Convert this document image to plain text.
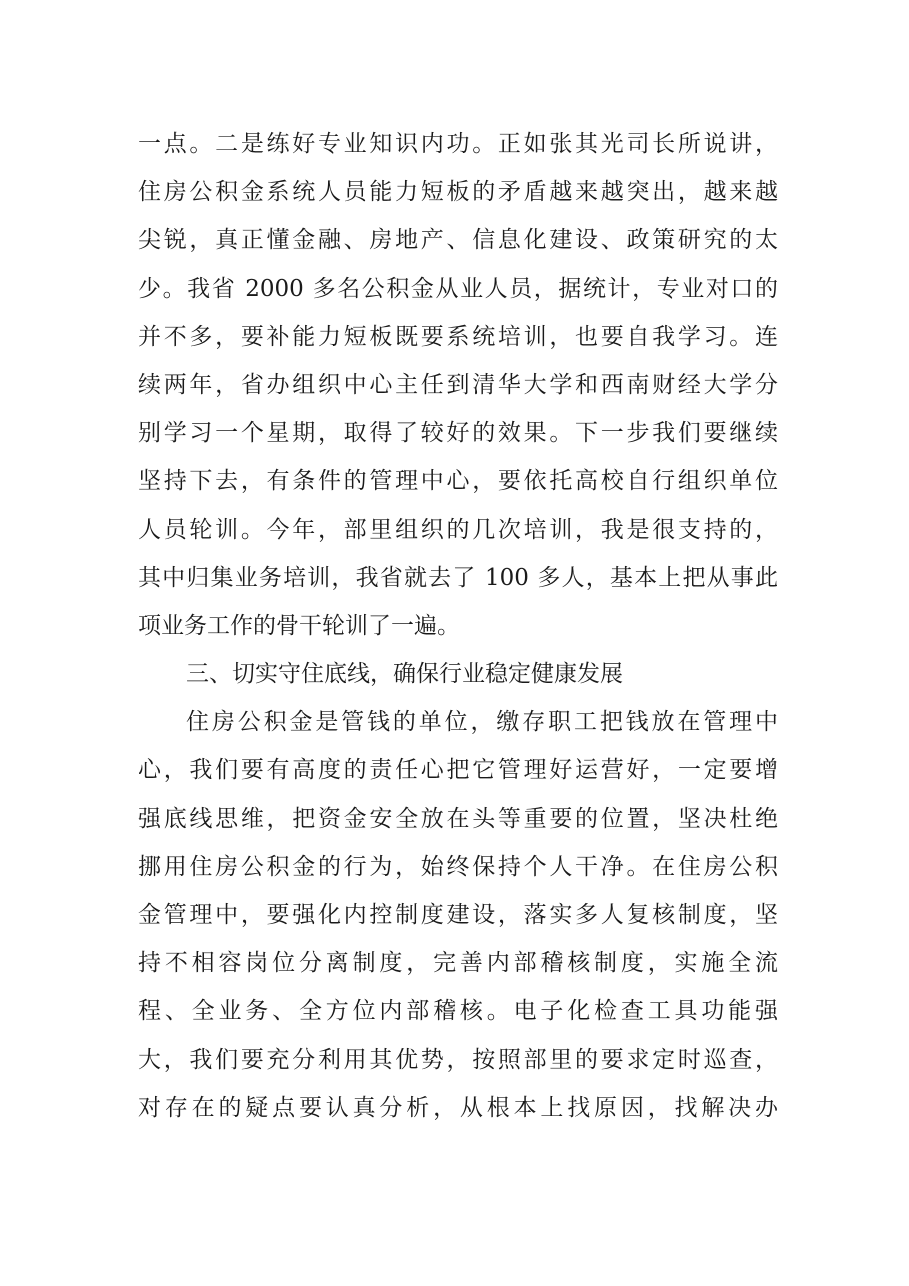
一点。二是练好专业知识内功。正如张其光司长所说讲，
住房公积金系统人员能力短板的矛盾越来越突出，越来越
尖锐，真正懂金融、房地产、信息化建设、政策研究的太
少。我省 2000 多名公积金从业人员，据统计，专业对口的
并不多，要补能力短板既要系统培训，也要自我学习。连
续两年，省办组织中心主任到清华大学和西南财经大学分
别学习一个星期，取得了较好的效果。下一步我们要继续
坚持下去，有条件的管理中心，要依托高校自行组织单位
人员轮训。今年，部里组织的几次培训，我是很支持的，
其中归集业务培训，我省就去了 100 多人，基本上把从事此
项业务工作的骨干轮训了一遍。
三、切实守住底线，确保行业稳定健康发展
住房公积金是管钱的单位，缴存职工把钱放在管理中
心，我们要有高度的责任心把它管理好运营好，一定要增
强底线思维，把资金安全放在头等重要的位置，坚决杜绝
挪用住房公积金的行为，始终保持个人干净。在住房公积
金管理中，要强化内控制度建设，落实多人复核制度，坚
持不相容岗位分离制度，完善内部稽核制度，实施全流
程、全业务、全方位内部稽核。电子化检查工具功能强
大，我们要充分利用其优势，按照部里的要求定时巡查，
对存在的疑点要认真分析，从根本上找原因，找解决办
